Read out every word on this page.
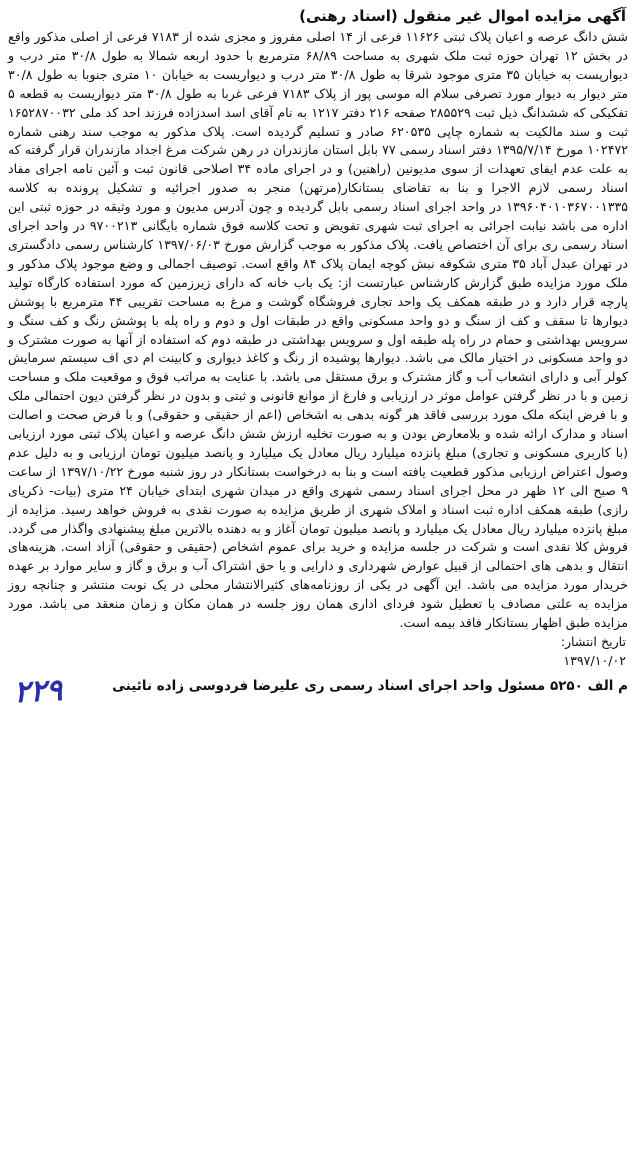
آگهی مزایده اموال غیر منقول (اسناد رهنی)
شش دانگ عرصه و اعیان پلاک ثبتی ۱۱۶۲۶ فرعی از ۱۴ اصلی مفروز و مجزی شده از ۷۱۸۳ فرعی از اصلی مذکور واقع در بخش ۱۲ تهران حوزه ثبت ملک شهری به مساحت ۶۸/۸۹ مترمربع با حدود اربعه شمالا به طول ۳۰/۸ متر درب و دیوارپست به خیابان ۳۵ متری موجود شرقا به طول ۳۰/۸ متر درب و دیواریست به خیابان ۱۰ متری جنوبا به طول ۳۰/۸ متر دیوار به دیوار مورد تصرفی سلام اله موسی پور از پلاک ۷۱۸۳ فرعی غربا به طول ۳۰/۸ متر دیواریست به قطعه ۵ تفکیکی که ششدانگ ذیل ثبت ۲۸۵۵۲۹ صفحه ۲۱۶ دفتر ۱۲۱۷ به نام آقای اسد اسدزاده فرزند احد کد ملی ۱۶۵۲۸۷۰۰۳۲ ثبت و سند مالکیت به شماره چاپی ۶۲۰۵۳۵ صادر و تسلیم گردیده است. پلاک مذکور به موجب سند رهنی شماره ۱۰۲۴۷۲ مورخ ۱۳۹۵/۷/۱۴ دفتر اسناد رسمی ۷۷ بابل استان مازندران در رهن شرکت مرغ اجداد مازندران قرار گرفته که به علت عدم ایفای تعهدات از سوی مدیونین (راهنین) و در اجرای ماده ۳۴ اصلاحی قانون ثبت و آئین نامه اجرای مفاد اسناد رسمی لازم الاجرا و بنا به تقاضای بستانکار(مرتهن) منجر به صدور اجرائیه و تشکیل پرونده به کلاسه ۱۳۹۶۰۴۰۱۰۳۶۷۰۰۱۳۳۵ در واحد اجرای اسناد رسمی بابل گردیده و چون آدرس مدیون و مورد وثیقه در حوزه ثبتی این اداره می باشد نیابت اجرائی به اجرای ثبت شهری تفویض و تحت کلاسه فوق شماره بایگانی ۹۷۰۰۲۱۳ در واحد اجرای اسناد رسمی ری برای آن اختصاص یافت. پلاک مذکور به موجب گزارش مورخ ۱۳۹۷/۰۶/۰۳ کارشناس رسمی دادگستری در تهران عبدل آباد ۳۵ متری شکوفه نبش کوچه ایمان پلاک ۸۴ واقع است. توصیف اجمالی و وضع موجود پلاک مذکور و ملک مورد مزایده طبق گزارش کارشناس عبارتست از: یک باب خانه که دارای زیرزمین که مورد استفاده کارگاه تولید پارچه قرار دارد و در طبقه همکف یک واحد تجاری فروشگاه گوشت و مرغ به مساحت تقریبی ۴۴ مترمربع با پوشش دیوارها تا سقف و کف از سنگ و دو واحد مسکونی واقع در طبقات اول و دوم و راه پله با پوشش رنگ و کف سنگ و سرویس بهداشتی و حمام در راه پله طبقه اول و سرویس بهداشتی در طبقه دوم که استفاده از آنها به صورت مشترک و دو واحد مسکونی در اختیار مالک می باشد. دیوارها پوشیده از رنگ و کاغذ دیواری و کابینت ام دی اف سیستم سرمایش کولر آبی و دارای انشعاب آب و گاز مشترک و برق مستقل می باشد. با عنایت به مراتب فوق و موقعیت ملک و مساحت زمین و با در نظر گرفتن عوامل موثر در ارزیابی و فارغ از موانع قانونی و ثبتی و بدون در نظر گرفتن دیون احتمالی ملک و با فرض اینکه ملک مورد بررسی فاقد هر گونه بدهی به اشخاص (اعم از حقیقی و حقوقی) و با فرض صحت و اصالت اسناد و مدارک ارائه شده و بلامعارض بودن و به صورت تخلیه ارزش شش دانگ عرصه و اعیان پلاک ثبتی مورد ارزیابی (با کاربری مسکونی و تجاری) مبلغ پانزده میلیارد ریال معادل یک میلیارد و پانصد میلیون تومان ارزیابی و به دلیل عدم وصول اعتراض ارزیابی مذکور قطعیت یافته است و بنا به درخواست بستانکار در روز شنبه مورخ ۱۳۹۷/۱۰/۲۲ از ساعت ۹ صبح الی ۱۲ ظهر در محل اجرای اسناد رسمی شهری واقع در میدان شهری ابتدای خیابان ۲۴ متری (بیات- ذکریای رازی) طبقه همکف اداره ثبت اسناد و املاک شهری از طریق مزایده به صورت نقدی به فروش خواهد رسید. مزایده از مبلغ پانزده میلیارد ریال معادل یک میلیارد و پانصد میلیون تومان آغاز و به دهنده بالاترین مبلغ پیشنهادی واگذار می گردد. فروش کلا نقدی است و شرکت در جلسه مزایده و خرید برای عموم اشخاص (حقیقی و حقوقی) آزاد است. هزینه‌های انتقال و بدهی های احتمالی از قبیل عوارض شهرداری و دارایی و یا حق اشتراک آب و برق و گاز و سایر موارد بر عهده خریدار مورد مزایده می باشد. این آگهی در یکی از روزنامه‌های کثیرالانتشار محلی در یک نوبت منتشر و چنانچه روز مزایده به علتی مصادف با تعطیل شود فردای اداری همان روز جلسه در همان مکان و زمان منعقد می باشد. مورد مزایده طبق اظهار بستانکار فاقد بیمه است.
تاریخ انتشار:
۱۳۹۷/۱۰/۰۲
م الف ۵۲۵۰ مسئول واحد اجرای اسناد رسمی ری علیرضا فردوسی زاده نائینی
۲۲۹
